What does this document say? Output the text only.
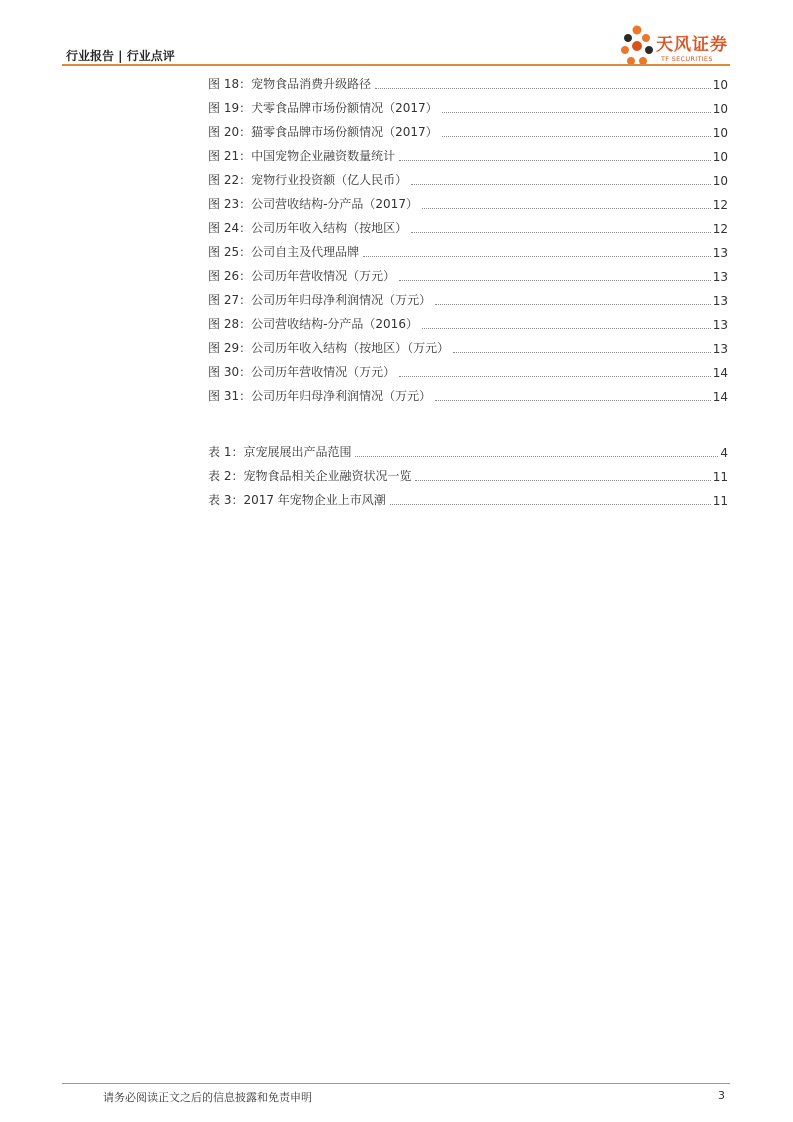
行业报告 | 行业点评
天风证券
TF SECURITIES
图 18：宠物食品消费升级路径	10
图 19：犬零食品牌市场份额情况（2017）	10
图 20：猫零食品牌市场份额情况（2017）	10
图 21：中国宠物企业融资数量统计	10
图 22：宠物行业投资额（亿人民币）	10
图 23：公司营收结构-分产品（2017）	12
图 24：公司历年收入结构（按地区）	12
图 25：公司自主及代理品牌	13
图 26：公司历年营收情况（万元）	13
图 27：公司历年归母净利润情况（万元）	13
图 28：公司营收结构-分产品（2016）	13
图 29：公司历年收入结构（按地区）（万元）	13
图 30：公司历年营收情况（万元）	14
图 31：公司历年归母净利润情况（万元）	14
表 1：京宠展展出产品范围	4
表 2：宠物食品相关企业融资状况一览	11
表 3：2017 年宠物企业上市风潮	11
请务必阅读正文之后的信息披露和免责申明	3
